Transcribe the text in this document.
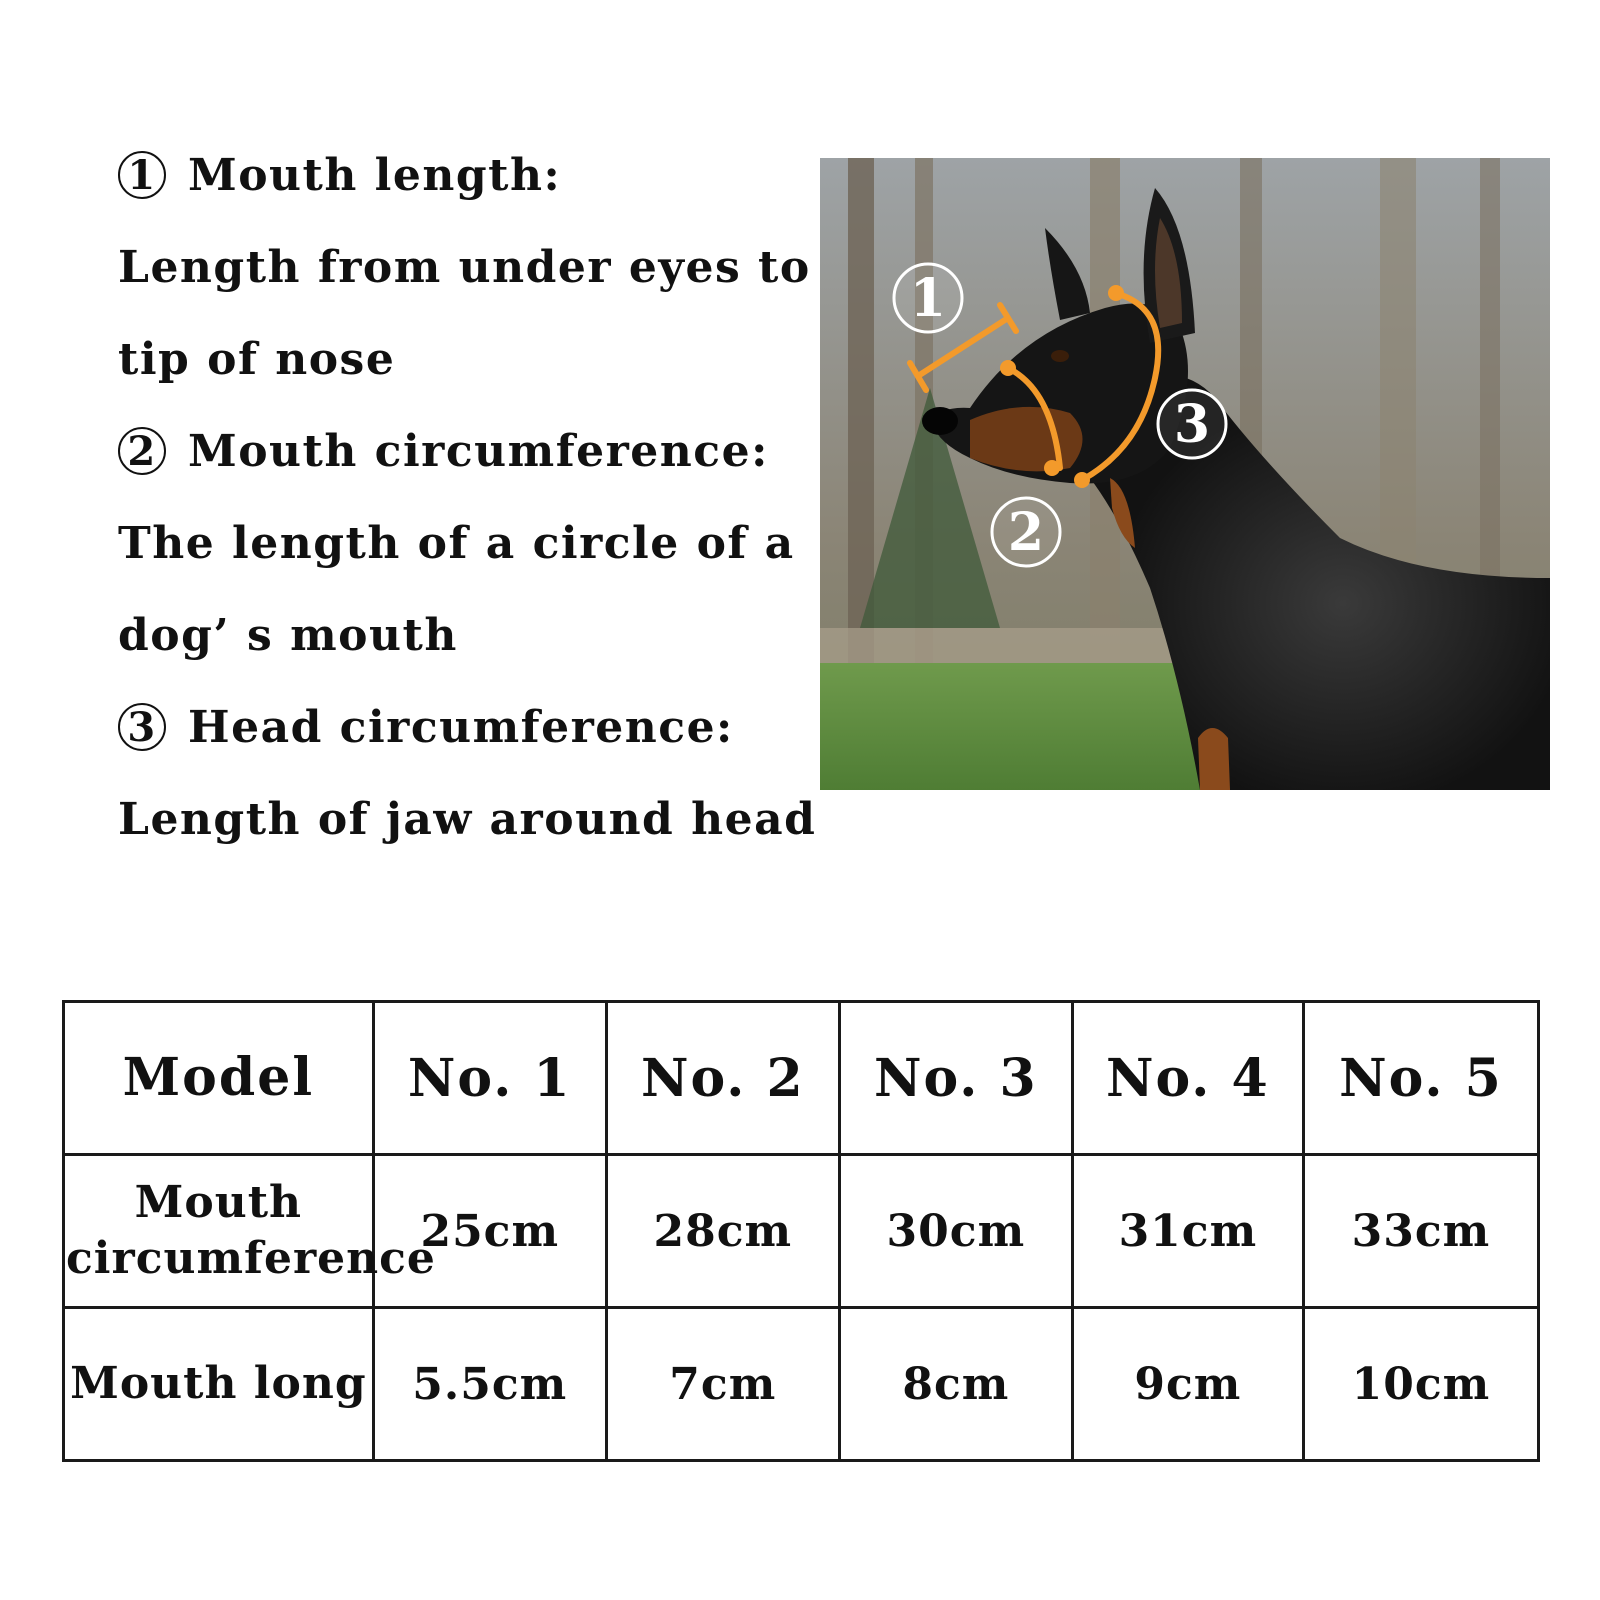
1 Mouth length:
Length from under eyes to
tip of nose
2 Mouth circumference:
The length of a circle of a
dog’ s mouth
3 Head circumference:
Length of jaw around head
1
2
3
Model	No. 1	No. 2	No. 3	No. 4	No. 5
Mouth circumference	25cm	28cm	30cm	31cm	33cm
Mouth long	5.5cm	7cm	8cm	9cm	10cm
